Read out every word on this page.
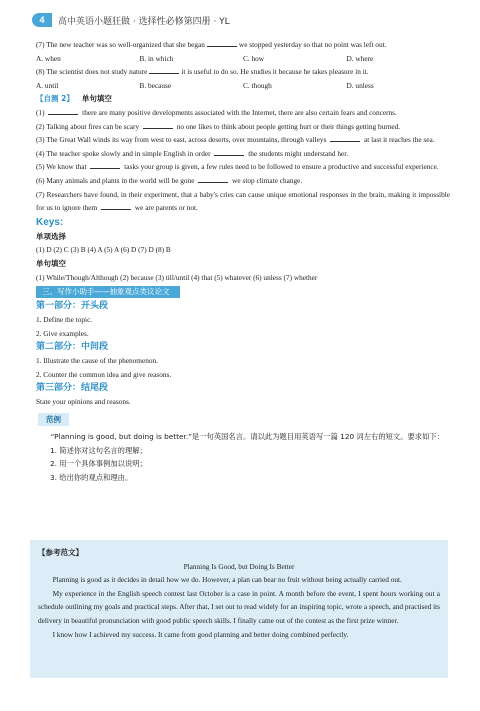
4	高中英语小题狂做 · 选择性必修第四册 · YL
(7) The new teacher was so well-organized that she began	we stopped yesterday so that no point was left out.
A. when	B. in which	C. how	D. where
(8) The scientist does not study nature	it is useful to do so. He studies it because he takes pleasure in it.
A. until	B. because	C. though	D. unless
【自测 2】 单句填空
(1)	there are many positive developments associated with the Internet, there are also certain fears and concerns.
(2) Talking about fires can be scary	no one likes to think about people getting hurt or their things getting burned.
(3) The Great Wall winds its way from west to east, across deserts, over mountains, through valleys	at last it reaches the sea.
(4) The teacher spoke slowly and in simple English in order	the students might understand her.
(5) We know that	tasks your group is given, a few rules need to be followed to ensure a productive and successful experience.
(6) Many animals and plants in the world will be gone	we stop climate change.
(7) Researchers have found, in their experiment, that a baby's cries can cause unique emotional responses in the brain, making it impossible for us to ignore them	we are parents or not.
Keys:
单项选择
(1) D (2) C (3) B (4) A (5) A (6) D (7) D (8) B
单句填空
(1) While/Though/Although (2) because (3) till/until (4) that (5) whatever (6) unless (7) whether
三、写作小助手——抽象观点类议论文
第一部分：开头段
1. Define the topic.
2. Give examples.
第二部分：中间段
1. Illustrate the cause of the phenomenon.
2. Counter the common idea and give reasons.
第三部分：结尾段
State your opinions and reasons.
范例
“Planning is good, but doing is better.”是一句英国名言。请以此为题目用英语写一篇 120 词左右的短文。要求如下：
1. 简述你对这句名言的理解；
2. 用一个具体事例加以说明；
3. 给出你的观点和理由。
【参考范文】
Planning Is Good, but Doing Is Better
Planning is good as it decides in detail how we do. However, a plan can bear no fruit without being actually carried out.
My experience in the English speech contest last October is a case in point. A month before the event, I spent hours working out a schedule outlining my goals and practical steps. After that, I set out to read widely for an inspiring topic, wrote a speech, and practised its delivery in beautiful pronunciation with good public speech skills. I finally came out of the contest as the first prize winner.
I know how I achieved my success. It came from good planning and better doing combined perfectly.
